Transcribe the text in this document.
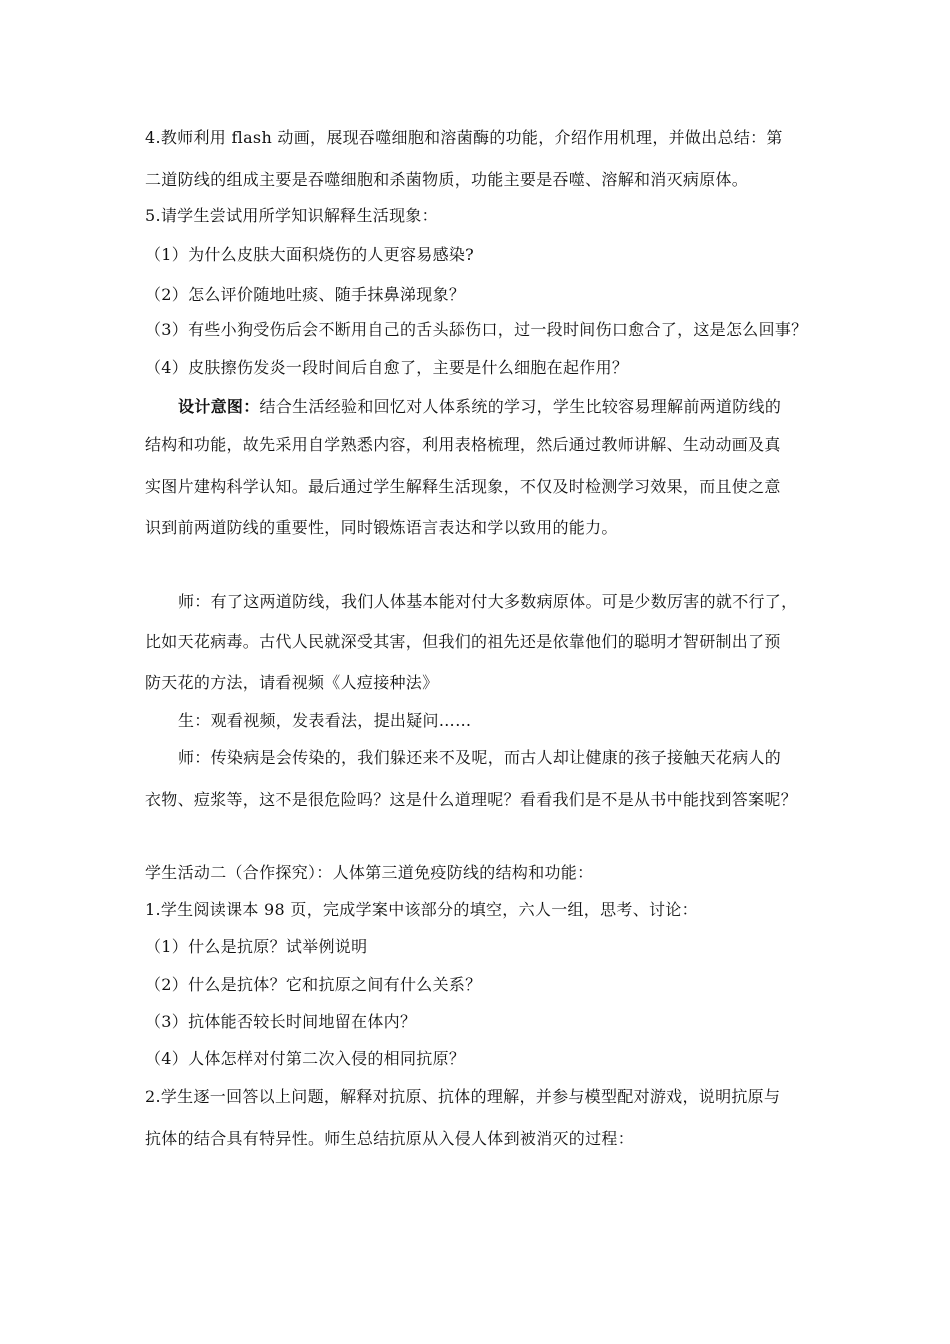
4.教师利用 flash 动画，展现吞噬细胞和溶菌酶的功能，介绍作用机理，并做出总结：第
二道防线的组成主要是吞噬细胞和杀菌物质，功能主要是吞噬、溶解和消灭病原体。
5.请学生尝试用所学知识解释生活现象：
（1）为什么皮肤大面积烧伤的人更容易感染?
（2）怎么评价随地吐痰、随手抹鼻涕现象？
（3）有些小狗受伤后会不断用自己的舌头舔伤口，过一段时间伤口愈合了，这是怎么回事？
（4）皮肤擦伤发炎一段时间后自愈了，主要是什么细胞在起作用？
设计意图：结合生活经验和回忆对人体系统的学习，学生比较容易理解前两道防线的
结构和功能，故先采用自学熟悉内容，利用表格梳理，然后通过教师讲解、生动动画及真
实图片建构科学认知。最后通过学生解释生活现象，不仅及时检测学习效果，而且使之意
识到前两道防线的重要性，同时锻炼语言表达和学以致用的能力。
师：有了这两道防线，我们人体基本能对付大多数病原体。可是少数厉害的就不行了，
比如天花病毒。古代人民就深受其害，但我们的祖先还是依靠他们的聪明才智研制出了预
防天花的方法，请看视频《人痘接种法》
生：观看视频，发表看法，提出疑问……
师：传染病是会传染的，我们躲还来不及呢，而古人却让健康的孩子接触天花病人的
衣物、痘浆等，这不是很危险吗？这是什么道理呢？看看我们是不是从书中能找到答案呢？
学生活动二（合作探究）：人体第三道免疫防线的结构和功能：
1.学生阅读课本 98 页，完成学案中该部分的填空，六人一组，思考、讨论：
（1）什么是抗原？试举例说明
（2）什么是抗体？它和抗原之间有什么关系？
（3）抗体能否较长时间地留在体内？
（4）人体怎样对付第二次入侵的相同抗原？
2.学生逐一回答以上问题，解释对抗原、抗体的理解，并参与模型配对游戏，说明抗原与
抗体的结合具有特异性。师生总结抗原从入侵人体到被消灭的过程：
